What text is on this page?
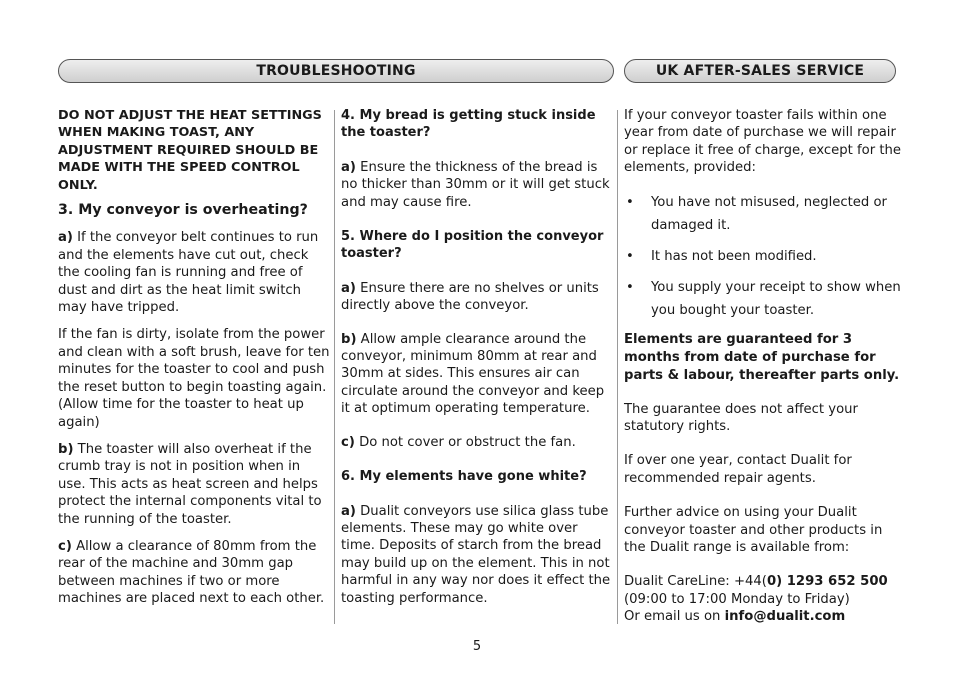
TROUBLESHOOTING	UK AFTER-SALES SERVICE

DO NOT ADJUST THE HEAT SETTINGS WHEN MAKING TOAST, ANY ADJUSTMENT REQUIRED SHOULD BE MADE WITH THE SPEED CONTROL ONLY.

3. My conveyor is overheating?

a) If the conveyor belt continues to run and the elements have cut out, check the cooling fan is running and free of dust and dirt as the heat limit switch may have tripped.

If the fan is dirty, isolate from the power and clean with a soft brush, leave for ten minutes for the toaster to cool and push the reset button to begin toasting again. (Allow time for the toaster to heat up again)

b) The toaster will also overheat if the crumb tray is not in position when in use. This acts as heat screen and helps protect the internal components vital to the running of the toaster.

c) Allow a clearance of 80mm from the rear of the machine and 30mm gap between machines if two or more machines are placed next to each other.

4. My bread is getting stuck inside the toaster?

a) Ensure the thickness of the bread is no thicker than 30mm or it will get stuck and may cause fire.

5. Where do I position the conveyor toaster?

a) Ensure there are no shelves or units directly above the conveyor.

b) Allow ample clearance around the conveyor, minimum 80mm at rear and 30mm at sides. This ensures air can circulate around the conveyor and keep it at optimum operating temperature.

c) Do not cover or obstruct the fan.

6. My elements have gone white?

a) Dualit conveyors use silica glass tube elements. These may go white over time. Deposits of starch from the bread may build up on the element. This in not harmful in any way nor does it effect the toasting performance.

If your conveyor toaster fails within one year from date of purchase we will repair or replace it free of charge, except for the elements, provided:

• You have not misused, neglected or damaged it.
• It has not been modified.
• You supply your receipt to show when you bought your toaster.

Elements are guaranteed for 3 months from date of purchase for parts & labour, thereafter parts only.

The guarantee does not affect your statutory rights.

If over one year, contact Dualit for recommended repair agents.

Further advice on using your Dualit conveyor toaster and other products in the Dualit range is available from:

Dualit CareLine: +44(0) 1293 652 500

(09:00 to 17:00 Monday to Friday)

Or email us on info@dualit.com

5
